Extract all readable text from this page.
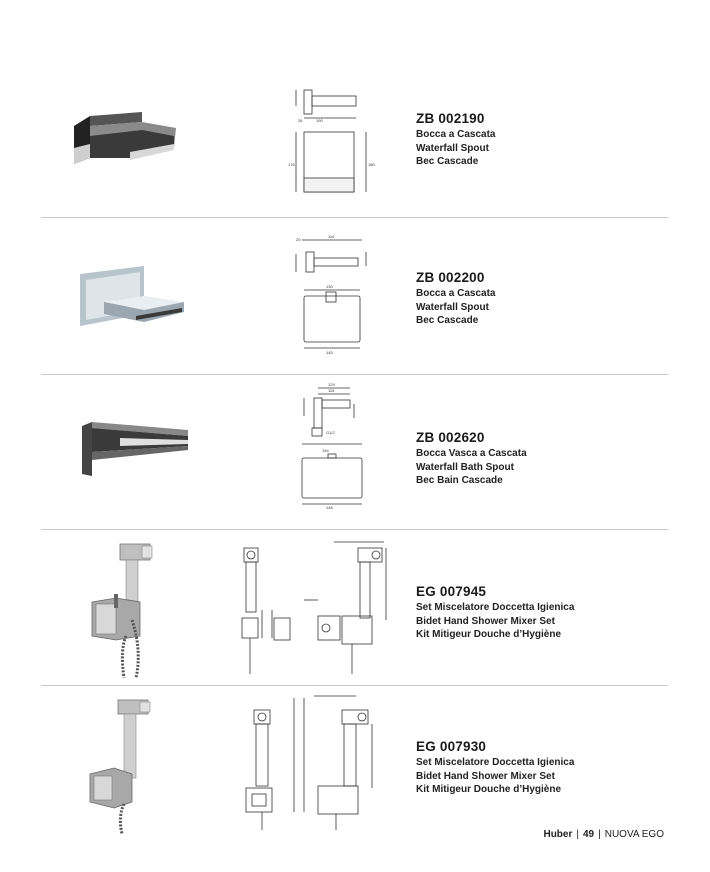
190
26
176	180
ZB 002190
Bocca a Cascata
Waterfall Spout
Bec Cascade
110
20
130
145
ZB 002200
Bocca a Cascata
Waterfall Spout
Bec Cascade
129
115
G1/2
154
146
ZB 002620
Bocca Vasca a Cascata
Waterfall Bath Spout
Bec Bain Cascade
EG 007945
Set Miscelatore Doccetta Igienica
Bidet Hand Shower Mixer Set
Kit Mitigeur Douche d’Hygiène
EG 007930
Set Miscelatore Doccetta Igienica
Bidet Hand Shower Mixer Set
Kit Mitigeur Douche d’Hygiène
Huber | 49 | NUOVA EGO
